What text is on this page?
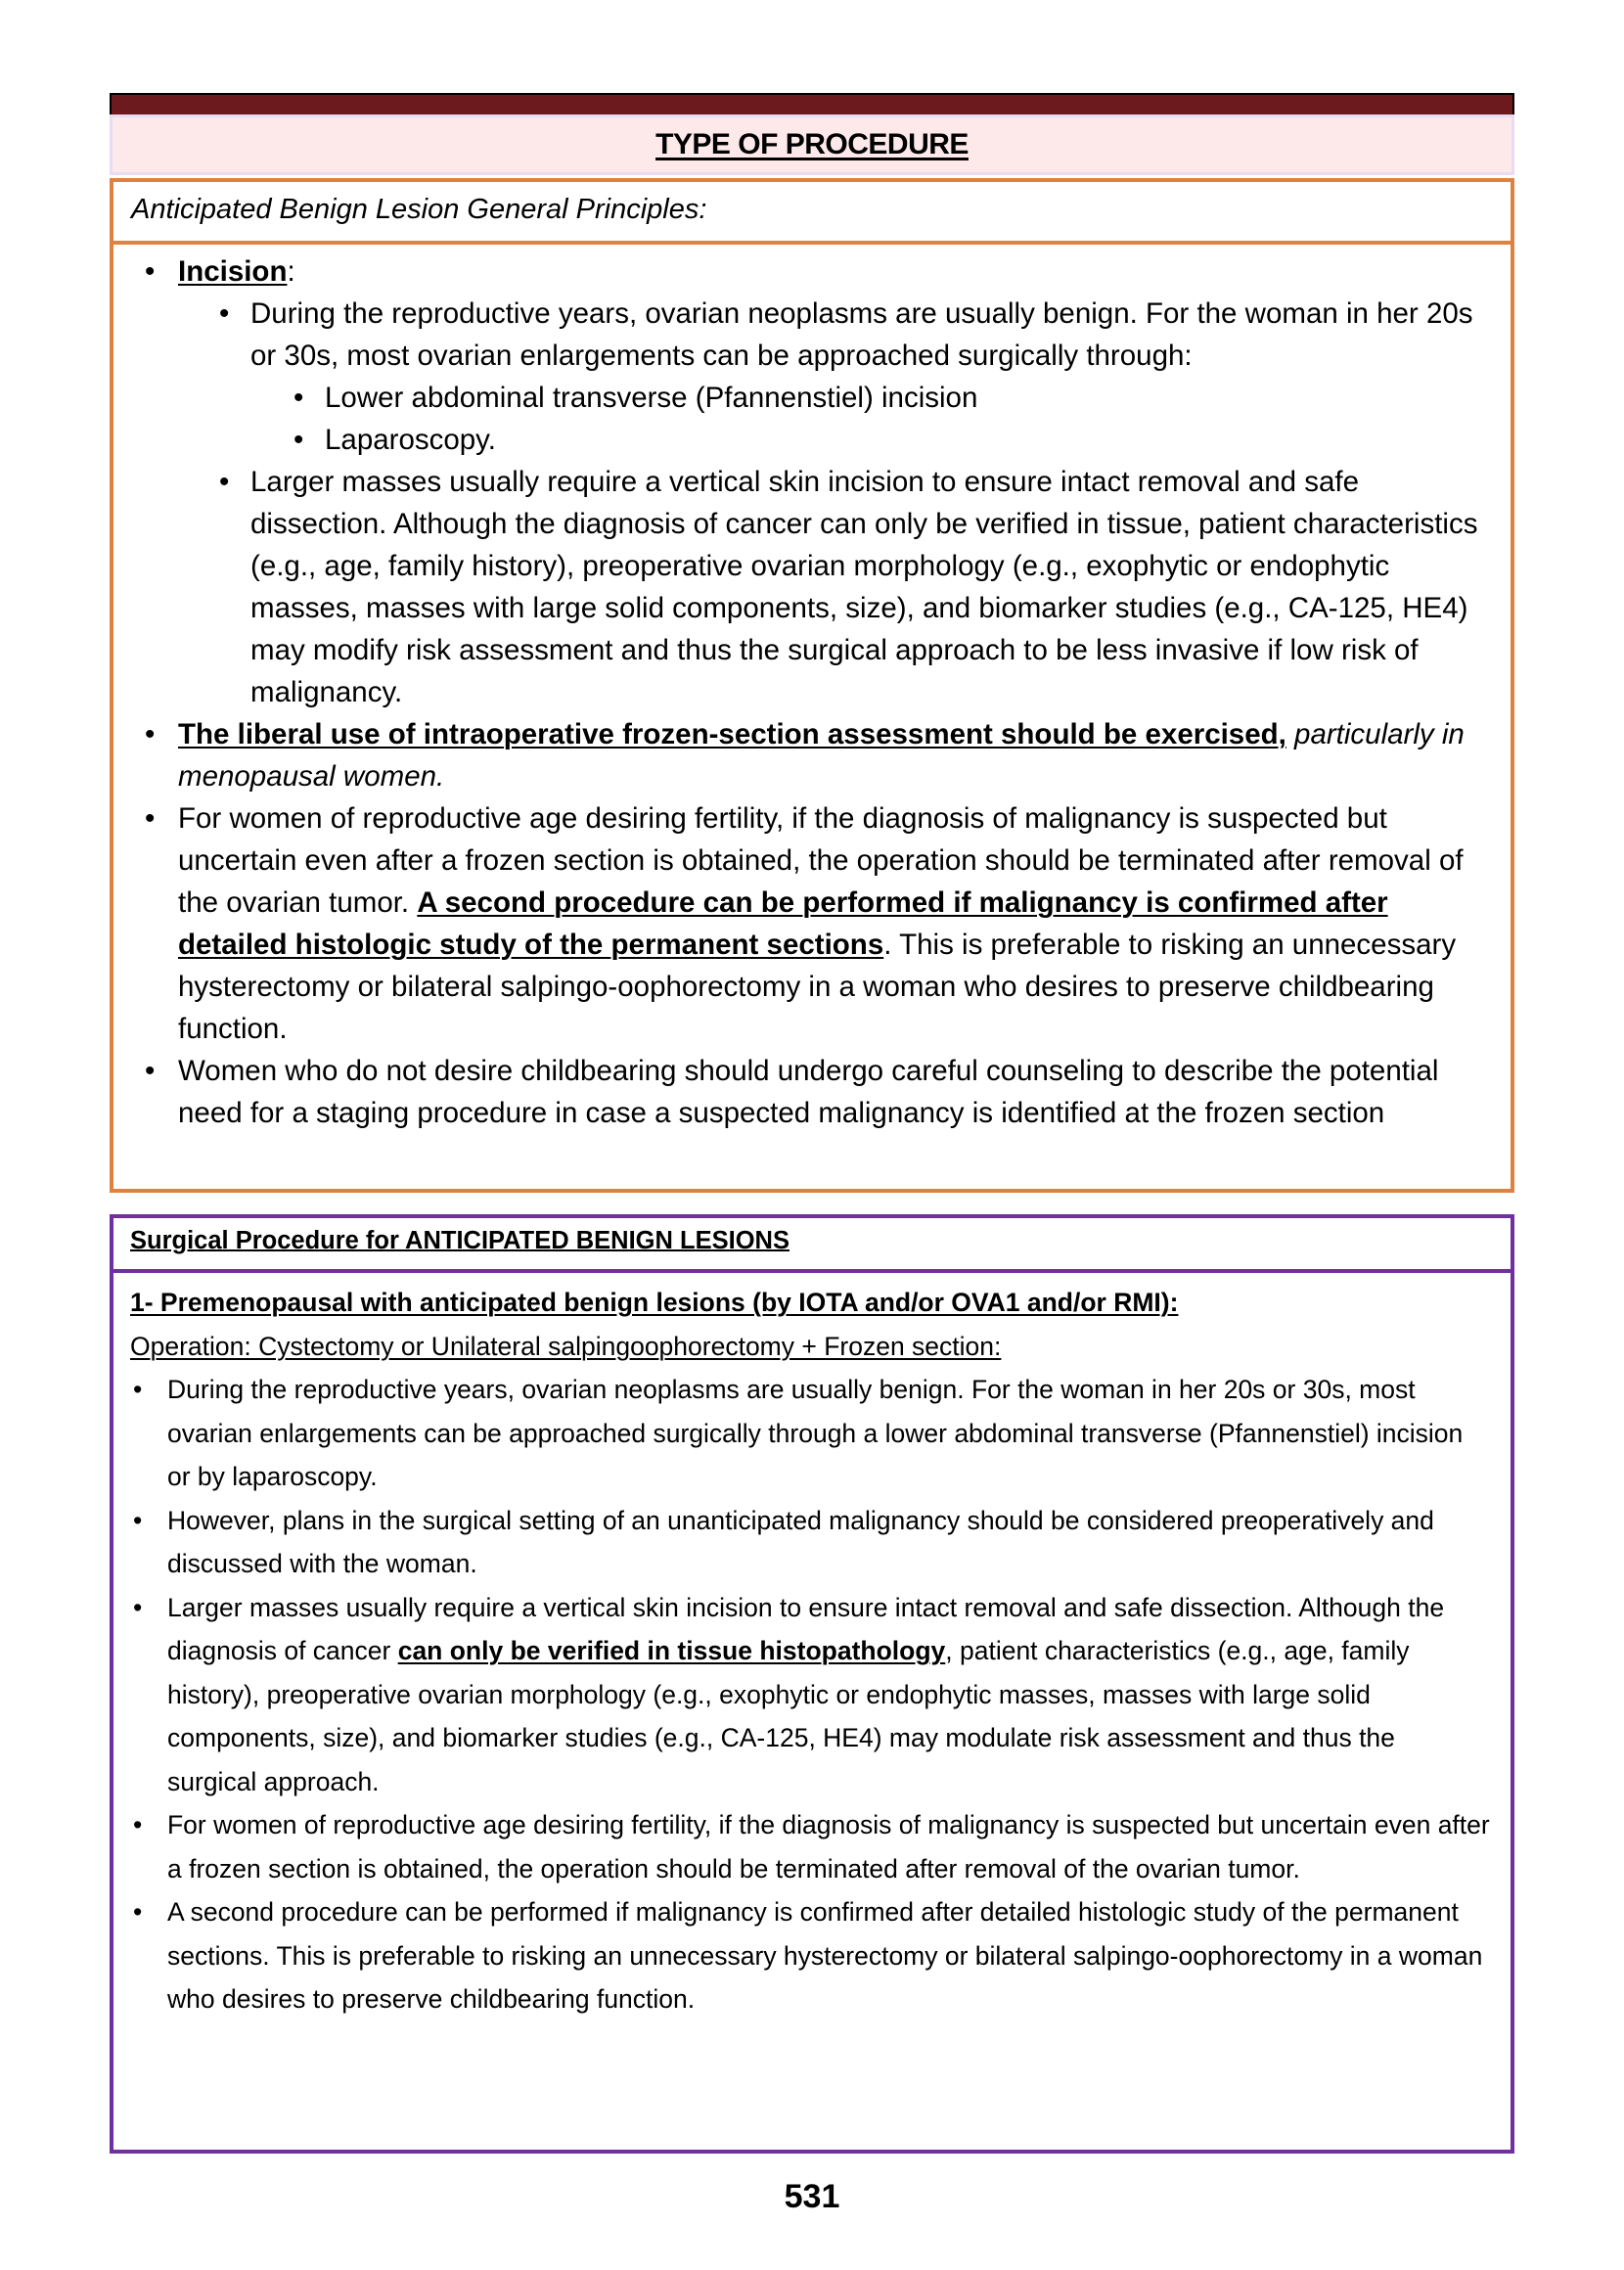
TYPE OF PROCEDURE
Anticipated Benign Lesion General Principles:
• Incision:
• During the reproductive years, ovarian neoplasms are usually benign. For the woman in her 20s or 30s, most ovarian enlargements can be approached surgically through:
• Lower abdominal transverse (Pfannenstiel) incision
• Laparoscopy.
• Larger masses usually require a vertical skin incision to ensure intact removal and safe dissection. Although the diagnosis of cancer can only be verified in tissue, patient characteristics (e.g., age, family history), preoperative ovarian morphology (e.g., exophytic or endophytic masses, masses with large solid components, size), and biomarker studies (e.g., CA-125, HE4) may modify risk assessment and thus the surgical approach to be less invasive if low risk of malignancy.
• The liberal use of intraoperative frozen-section assessment should be exercised, particularly in menopausal women.
• For women of reproductive age desiring fertility, if the diagnosis of malignancy is suspected but uncertain even after a frozen section is obtained, the operation should be terminated after removal of the ovarian tumor. A second procedure can be performed if malignancy is confirmed after detailed histologic study of the permanent sections. This is preferable to risking an unnecessary hysterectomy or bilateral salpingo-oophorectomy in a woman who desires to preserve childbearing function.
• Women who do not desire childbearing should undergo careful counseling to describe the potential need for a staging procedure in case a suspected malignancy is identified at the frozen section
Surgical Procedure for ANTICIPATED BENIGN LESIONS
1- Premenopausal with anticipated benign lesions (by IOTA and/or OVA1 and/or RMI):
Operation: Cystectomy or Unilateral salpingoophorectomy + Frozen section:
• During the reproductive years, ovarian neoplasms are usually benign. For the woman in her 20s or 30s, most ovarian enlargements can be approached surgically through a lower abdominal transverse (Pfannenstiel) incision or by laparoscopy.
• However, plans in the surgical setting of an unanticipated malignancy should be considered preoperatively and discussed with the woman.
• Larger masses usually require a vertical skin incision to ensure intact removal and safe dissection. Although the diagnosis of cancer can only be verified in tissue histopathology, patient characteristics (e.g., age, family history), preoperative ovarian morphology (e.g., exophytic or endophytic masses, masses with large solid components, size), and biomarker studies (e.g., CA-125, HE4) may modulate risk assessment and thus the surgical approach.
• For women of reproductive age desiring fertility, if the diagnosis of malignancy is suspected but uncertain even after a frozen section is obtained, the operation should be terminated after removal of the ovarian tumor.
• A second procedure can be performed if malignancy is confirmed after detailed histologic study of the permanent sections. This is preferable to risking an unnecessary hysterectomy or bilateral salpingo-oophorectomy in a woman who desires to preserve childbearing function.
531
